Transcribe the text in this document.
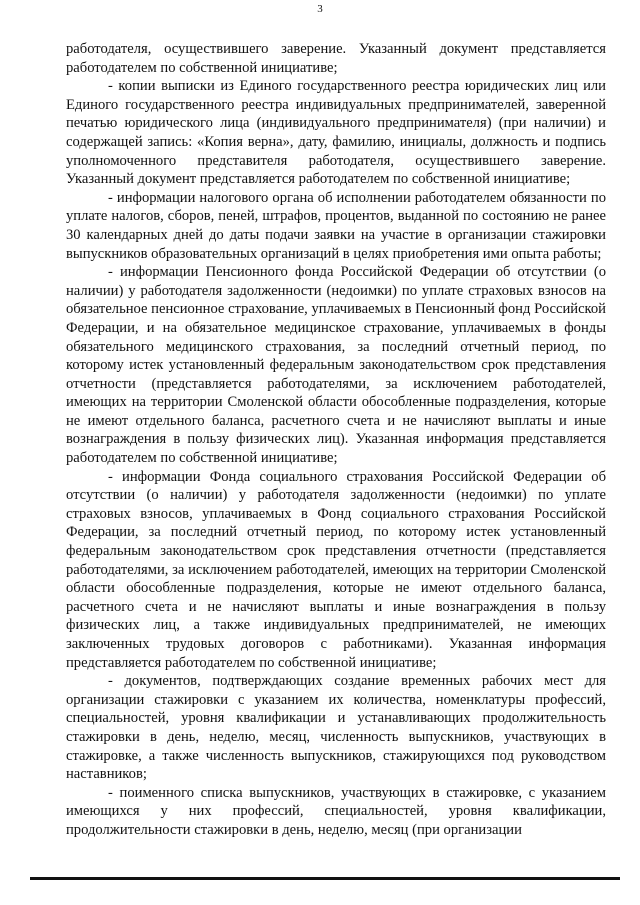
3

работодателя, осуществившего заверение. Указанный документ представляется работодателем по собственной инициативе;

- копии выписки из Единого государственного реестра юридических лиц или Единого государственного реестра индивидуальных предпринимателей, заверенной печатью юридического лица (индивидуального предпринимателя) (при наличии) и содержащей запись: «Копия верна», дату, фамилию, инициалы, должность и подпись уполномоченного представителя работодателя, осуществившего заверение. Указанный документ представляется работодателем по собственной инициативе;

- информации налогового органа об исполнении работодателем обязанности по уплате налогов, сборов, пеней, штрафов, процентов, выданной по состоянию не ранее 30 календарных дней до даты подачи заявки на участие в организации стажировки выпускников образовательных организаций в целях приобретения ими опыта работы;

- информации Пенсионного фонда Российской Федерации об отсутствии (о наличии) у работодателя задолженности (недоимки) по уплате страховых взносов на обязательное пенсионное страхование, уплачиваемых в Пенсионный фонд Российской Федерации, и на обязательное медицинское страхование, уплачиваемых в фонды обязательного медицинского страхования, за последний отчетный период, по которому истек установленный федеральным законодательством срок представления отчетности (представляется работодателями, за исключением работодателей, имеющих на территории Смоленской области обособленные подразделения, которые не имеют отдельного баланса, расчетного счета и не начисляют выплаты и иные вознаграждения в пользу физических лиц). Указанная информация представляется работодателем по собственной инициативе;

- информации Фонда социального страхования Российской Федерации об отсутствии (о наличии) у работодателя задолженности (недоимки) по уплате страховых взносов, уплачиваемых в Фонд социального страхования Российской Федерации, за последний отчетный период, по которому истек установленный федеральным законодательством срок представления отчетности (представляется работодателями, за исключением работодателей, имеющих на территории Смоленской области обособленные подразделения, которые не имеют отдельного баланса, расчетного счета и не начисляют выплаты и иные вознаграждения в пользу физических лиц, а также индивидуальных предпринимателей, не имеющих заключенных трудовых договоров с работниками). Указанная информация представляется работодателем по собственной инициативе;

- документов, подтверждающих создание временных рабочих мест для организации стажировки с указанием их количества, номенклатуры профессий, специальностей, уровня квалификации и устанавливающих продолжительность стажировки в день, неделю, месяц, численность выпускников, участвующих в стажировке, а также численность выпускников, стажирующихся под руководством наставников;

- поименного списка выпускников, участвующих в стажировке, с указанием имеющихся у них профессий, специальностей, уровня квалификации, продолжительности стажировки в день, неделю, месяц (при организации
